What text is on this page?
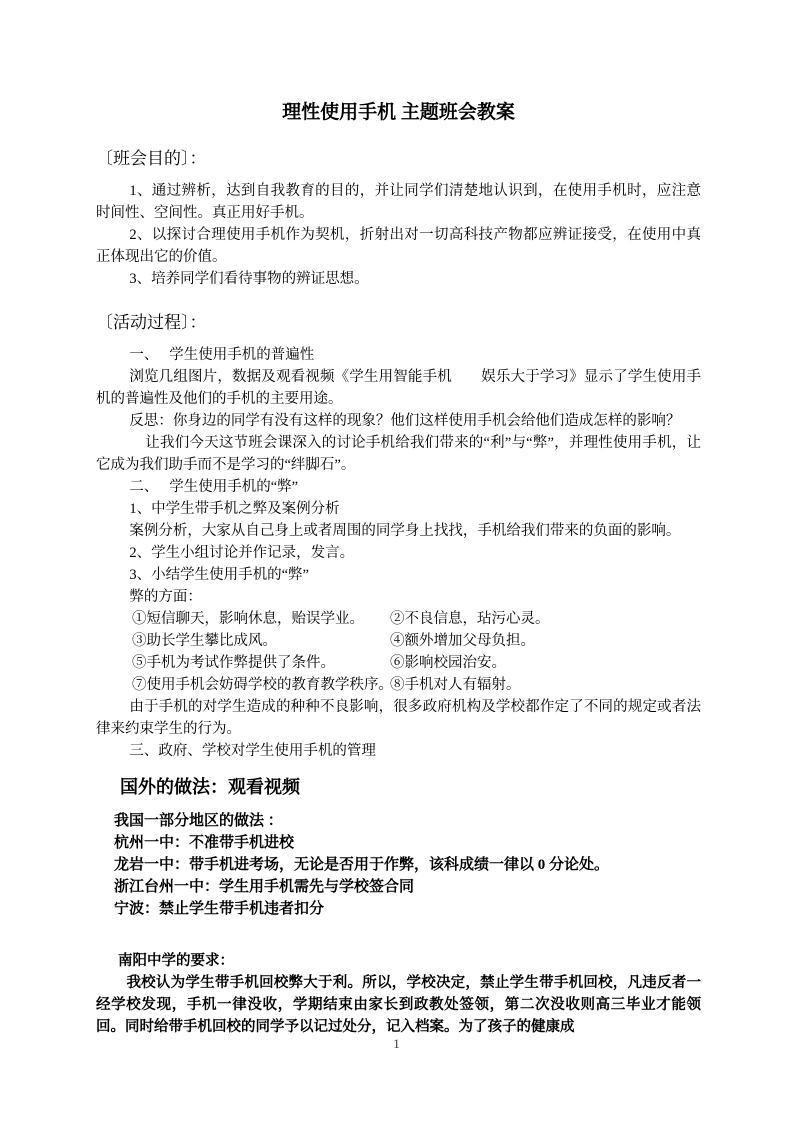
理性使用手机 主题班会教案
〔班会目的〕：

1、通过辨析，达到自我教育的目的，并让同学们清楚地认识到，在使用手机时，应注意时间性、空间性。真正用好手机。

2、以探讨合理使用手机作为契机，折射出对一切高科技产物都应辨证接受，在使用中真正体现出它的价值。

3、培养同学们看待事物的辨证思想。

〔活动过程〕：

一、　 学生使用手机的普遍性

浏览几组图片，数据及观看视频《学生用智能手机　　娱乐大于学习》显示了学生使用手机的普遍性及他们的手机的主要用途。

反思：你身边的同学有没有这样的现象？他们这样使用手机会给他们造成怎样的影响？

让我们今天这节班会课深入的讨论手机给我们带来的“利”与“弊”，并理性使用手机，让它成为我们助手而不是学习的“绊脚石”。

二、　 学生使用手机的“弊”

1、中学生带手机之弊及案例分析

案例分析，大家从自己身上或者周围的同学身上找找，手机给我们带来的负面的影响。

2、学生小组讨论并作记录，发言。

3、小结学生使用手机的“弊”

弊的方面：

①短信聊天，影响休息，贻误学业。 ②不良信息，玷污心灵。
③助长学生攀比成风。	④额外增加父母负担。
⑤手机为考试作弊提供了条件。	⑥影响校园治安。
⑦使用手机会妨碍学校的教育教学秩序。
⑧手机对人有辐射。

由于手机的对学生造成的种种不良影响，很多政府机构及学校都作定了不同的规定或者法律来约束学生的行为。

三、政府、学校对学生使用手机的管理

国外的做法：观看视频
我国一部分地区的做法 ：
杭州一中：不准带手机进校
龙岩一中：带手机进考场，无论是否用于作弊，该科成绩一律以 0 分论处。
浙江台州一中：学生用手机需先与学校签合同
宁波：禁止学生带手机违者扣分
南阳中学的要求：

我校认为学生带手机回校弊大于利。所以，学校决定，禁止学生带手机回校，凡违反者一经学校发现，手机一律没收，学期结束由家长到政教处签领，第二次没收则高三毕业才能领回。同时给带手机回校的同学予以记过处分，记入档案。为了孩子的健康成

1
